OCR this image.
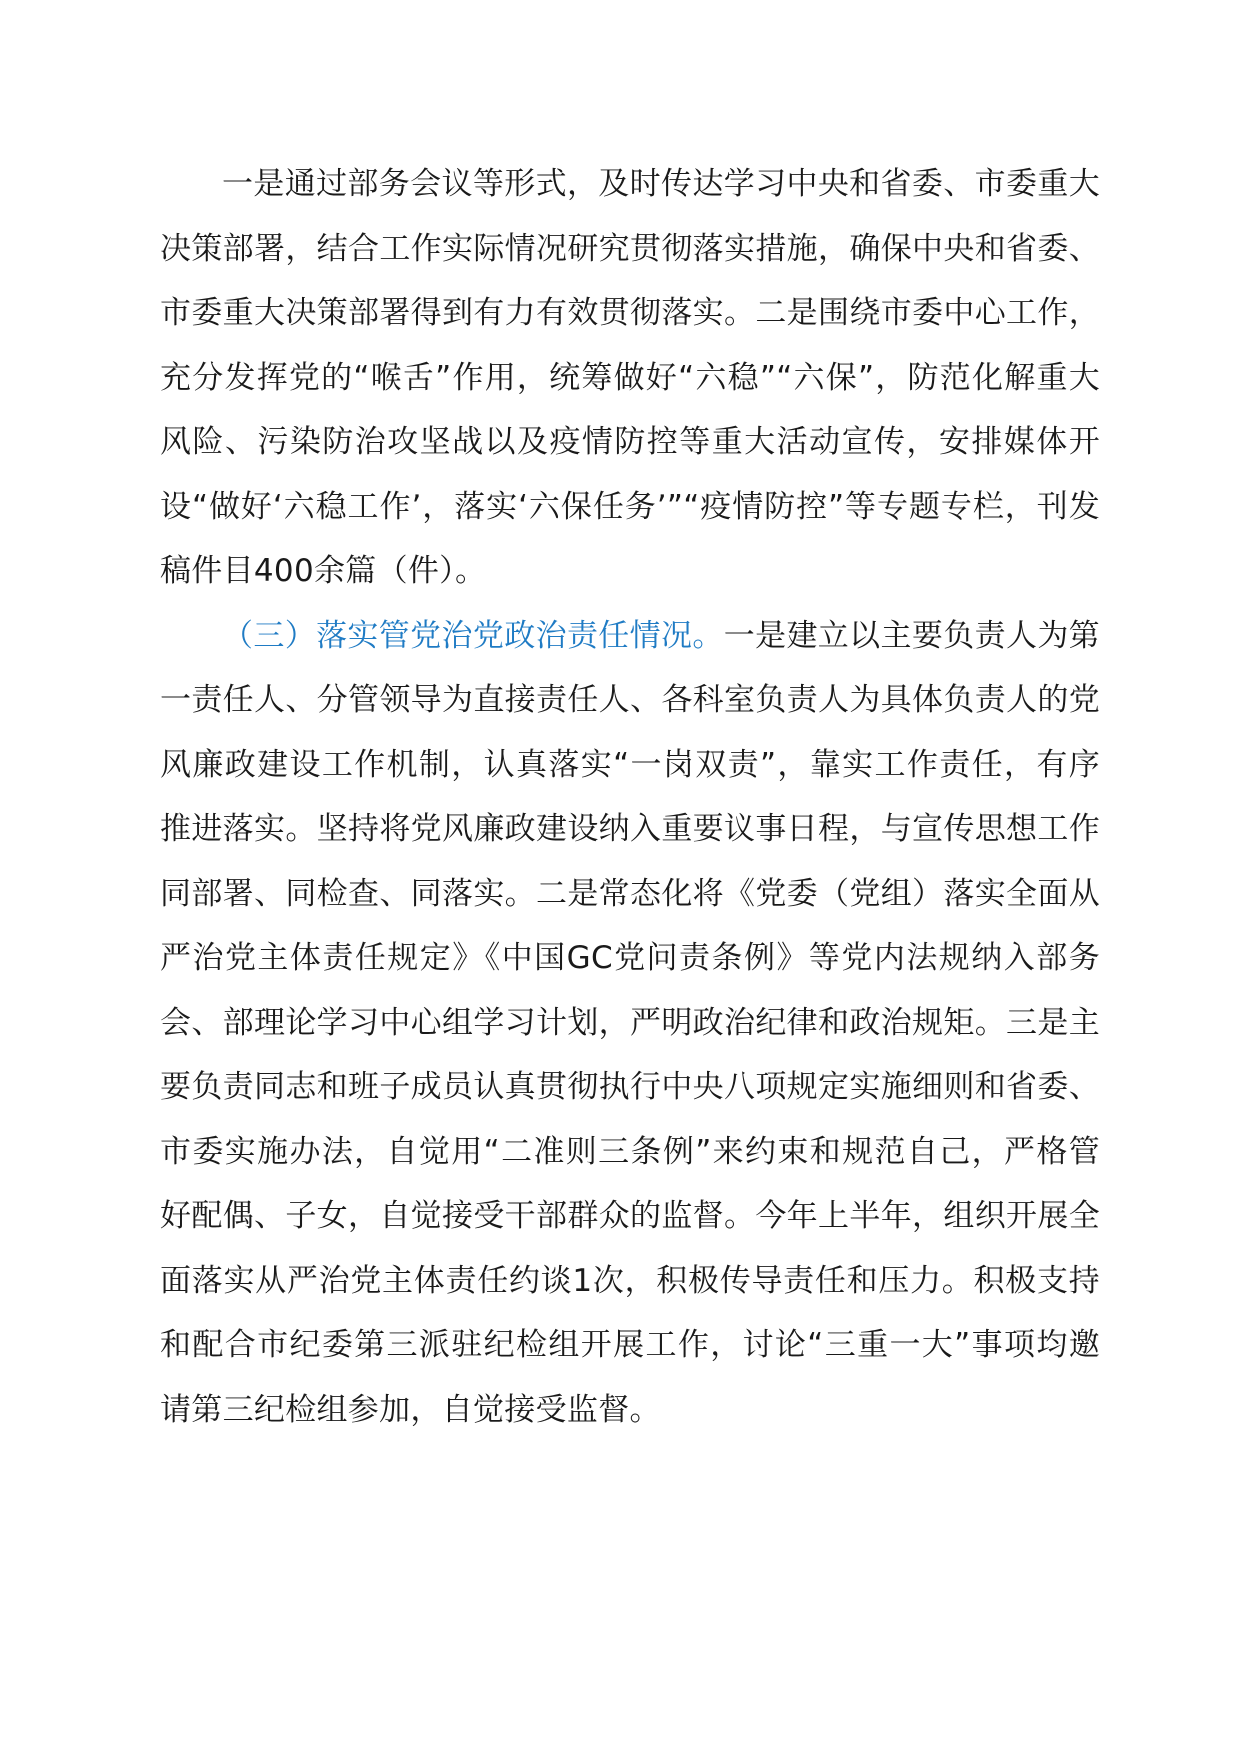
一是通过部务会议等形式，及时传达学习中央和省委、市委重大决策部署，结合工作实际情况研究贯彻落实措施，确保中央和省委、市委重大决策部署得到有力有效贯彻落实。二是围绕市委中心工作，充分发挥党的“喉舌”作用，统筹做好“六稳”“六保”，防范化解重大风险、污染防治攻坚战以及疫情防控等重大活动宣传，安排媒体开设“做好‘六稳工作’，落实‘六保任务’”“疫情防控”等专题专栏，刊发稿件目400余篇（件）。

（三）落实管党治党政治责任情况。一是建立以主要负责人为第一责任人、分管领导为直接责任人、各科室负责人为具体负责人的党风廉政建设工作机制，认真落实“一岗双责”，靠实工作责任，有序推进落实。坚持将党风廉政建设纳入重要议事日程，与宣传思想工作同部署、同检查、同落实。二是常态化将《党委（党组）落实全面从严治党主体责任规定》《中国GC党问责条例》等党内法规纳入部务会、部理论学习中心组学习计划，严明政治纪律和政治规矩。三是主要负责同志和班子成员认真贯彻执行中央八项规定实施细则和省委、市委实施办法，自觉用“二准则三条例”来约束和规范自己，严格管好配偶、子女，自觉接受干部群众的监督。今年上半年，组织开展全面落实从严治党主体责任约谈1次，积极传导责任和压力。积极支持和配合市纪委第三派驻纪检组开展工作，讨论“三重一大”事项均邀请第三纪检组参加，自觉接受监督。
